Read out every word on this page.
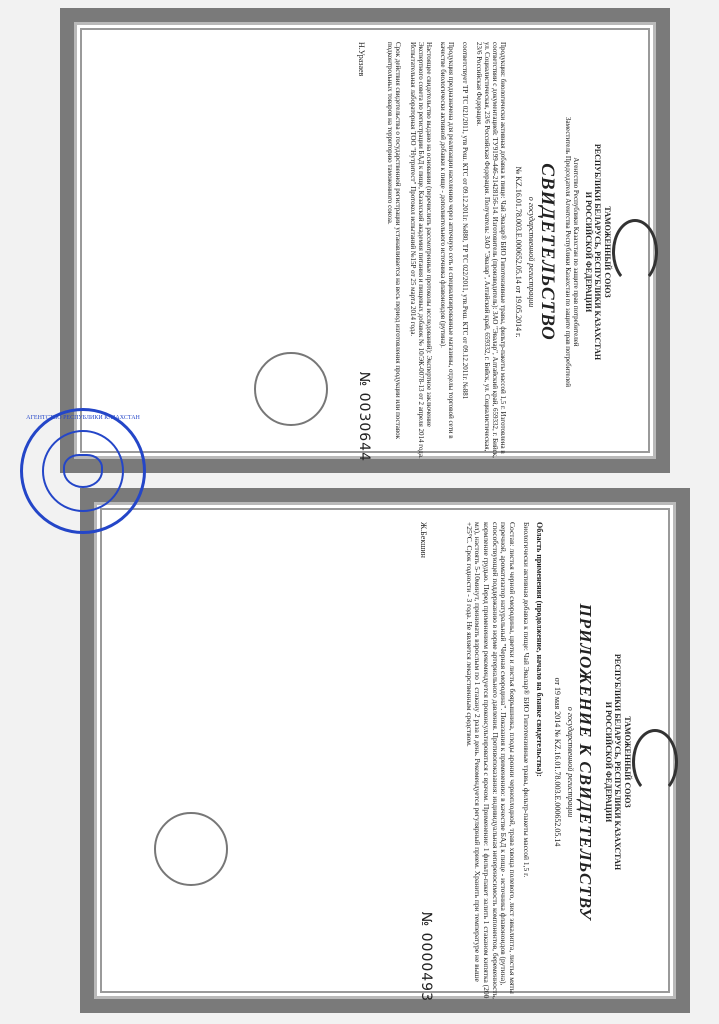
ТАМОЖЕННЫЙ СОЮЗ
РЕСПУБЛИКИ БЕЛАРУСЬ, РЕСПУБЛИКИ КАЗАХСТАН
И РОССИЙСКОЙ ФЕДЕРАЦИИ
Агентство Республики Казахстан по защите прав потребителей
Заместитель Председателя Агентства Республики Казахстан по защите прав потребителей
СВИДЕТЕЛЬСТВО
о государственной регистрации
№ KZ.16.01.78.003.E.000652.05.14 от 19.05.2014 г.
Продукция: биологически активная добавка к пище: Чай Эвалар® БИО Гипотензивные травы, фильтр-пакеты массой 1,5 г. Изготовлена в соответствии с документацией: ТУ9199-446-21428156-14. Изготовитель (производитель): ЗАО "Эвалар", Алтайский край, 659332, г. Бийск, ул. Социалистическая, 23/6 Российская Федерация. Получатель: ЗАО "Эвалар", Алтайский край, 659332, г. Бийск, ул. Социалистическая, 23/6 Российская Федерация.
соответствует ТР ТС 021/2011, утв Реш. КТС от 09.12.2011г. №880, ТР ТС 022/2011, утв.Реш. КТС от 09.12.2011г. №881
Продукция предназначена для реализации населению через аптечную сеть и специализированные магазины, отделы торговой сети в качестве биологически активной добавки к пище - дополнительного источника флавоноидов (рутина).
Настоящее свидетельство выдано на основании (перечислить рассмотренные протоколы исследований): Экспертное заключение Экспертного совета по регистрации БАД к пище, Казахский академия питания и пищевых добавок № 10/ЭК-0078-13 от 2 апреля 2014 года. Испытательная лабораторная ТОО "Нутритест" Протокол испытаний №15Р от 25 марта 2014 года.
Срок действия свидетельства о государственной регистрации устанавливается на весь период изготовления продукции или поставок подконтрольных товаров на территорию таможенного союза.
Н.Уразаев
№ 0030644
ТАМОЖЕННЫЙ СОЮЗ
РЕСПУБЛИКИ БЕЛАРУСЬ, РЕСПУБЛИКИ КАЗАХСТАН
И РОССИЙСКОЙ ФЕДЕРАЦИИ
ПРИЛОЖЕНИЕ К СВИДЕТЕЛЬСТВУ
о государственной регистрации
от 19 мая 2014 № KZ.16.01.78.003.E.000652.05.14
Область применения (продолжение, начало на бланке свидетельства):
Биологически активная добавка к пище: Чай Эвалар® БИО Гипотензивные травы, фильтр-пакеты массой 1,5 г.
Состав: листья черной смородины, цветки и листья боярышника, плоды аронии черноплодной, трава хвоща полевого, лист эвкалипта, листья мяты перечной, ароматизатор натуральный "Черная смородина". Показания к применению: в качестве БАД к пище - источника флавоноидов (рутина), способствующей поддержанию в норме артериального давления. Противопоказания: индивидуальная непереносимость компонентов, беременность, кормление грудью. Перед применением рекомендуется проконсультироваться с врачом. Применение: 1 фильтр-пакет залить 1 стаканом кипятка (200 мл), настоять 5-10минут, принимать взрослым по 1 стакану 2 раза в день. Рекомендуется регулярный прием. Хранить при температуре не выше +25°С. Срок годности - 3 года. Не является лекарственным средством.
Ж.Бекшин
№ 0000493
АГЕНТСТВО РЕСПУБЛИКИ КАЗАХСТАН
